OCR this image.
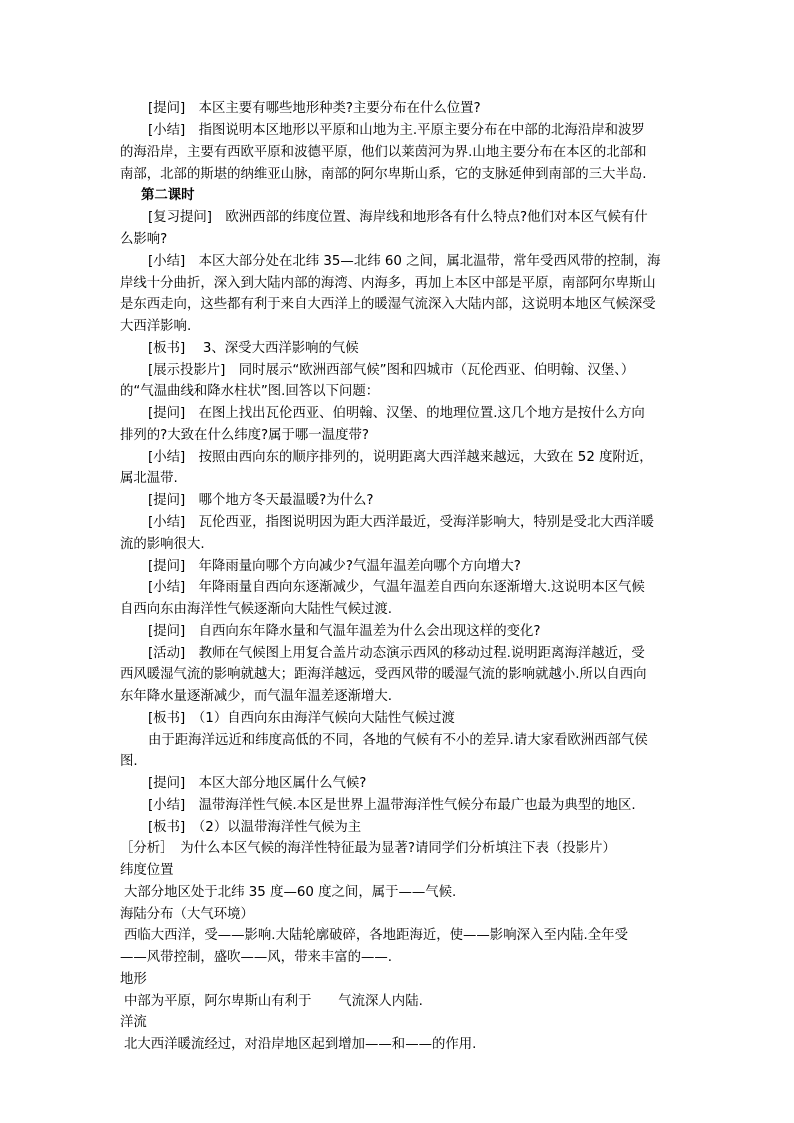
[提问]　本区主要有哪些地形种类?主要分布在什么位置?
[小结]　指图说明本区地形以平原和山地为主.平原主要分布在中部的北海沿岸和波罗
的海沿岸，主要有西欧平原和波德平原，他们以莱茵河为界.山地主要分布在本区的北部和
南部，北部的斯堪的纳维亚山脉，南部的阿尔卑斯山系，它的支脉延伸到南部的三大半岛.
第二课时
[复习提问]　欧洲西部的纬度位置、海岸线和地形各有什么特点?他们对本区气候有什
么影响?
[小结]　本区大部分处在北纬 35—北纬 60 之间，属北温带，常年受西风带的控制，海
岸线十分曲折，深入到大陆内部的海湾、内海多，再加上本区中部是平原，南部阿尔卑斯山
是东西走向，这些都有利于来自大西洋上的暖湿气流深入大陆内部，这说明本地区气候深受
大西洋影响.
[板书]　 3、深受大西洋影响的气候
[展示投影片]　同时展示“欧洲西部气候”图和四城市（瓦伦西亚、伯明翰、汉堡、）
的“气温曲线和降水柱状”图.回答以下问题：
[提问]　在图上找出瓦伦西亚、伯明翰、汉堡、的地理位置.这几个地方是按什么方向
排列的?大致在什么纬度?属于哪一温度带?
[小结]　按照由西向东的顺序排列的，说明距离大西洋越来越远，大致在 52 度附近，
属北温带.
[提问]　哪个地方冬天最温暖?为什么?
[小结]　瓦伦西亚，指图说明因为距大西洋最近，受海洋影响大，特别是受北大西洋暖
流的影响很大.
[提问]　年降雨量向哪个方向减少?气温年温差向哪个方向增大?
[小结]　年降雨量自西向东逐渐减少，气温年温差自西向东逐渐增大.这说明本区气候
自西向东由海洋性气候逐渐向大陆性气候过渡.
[提问]　自西向东年降水量和气温年温差为什么会出现这样的变化?
[活动]　教师在气候图上用复合盖片动态演示西风的移动过程.说明距离海洋越近，受
西风暖湿气流的影响就越大；距海洋越远，受西风带的暖湿气流的影响就越小.所以自西向
东年降水量逐渐减少，而气温年温差逐渐增大.
[板书]　（1）自西向东由海洋气候向大陆性气候过渡
由于距海洋远近和纬度高低的不同，各地的气候有不小的差异.请大家看欧洲西部气侯
图.
[提问]　本区大部分地区属什么气候?
[小结]　温带海洋性气候.本区是世界上温带海洋性气候分布最广也最为典型的地区.
[板书]　（2）以温带海洋性气候为主
［分析］　为什么本区气候的海洋性特征最为显著?请同学们分析填注下表（投影片）
纬度位置
大部分地区处于北纬 35 度—60 度之间，属于——气候.
海陆分布（大气环境）
西临大西洋，受——影响.大陆轮廓破碎，各地距海近，使——影响深入至内陆.全年受
——风带控制，盛吹——风，带来丰富的——.
地形
中部为平原，阿尔卑斯山有利于　　气流深人内陆.
洋流
北大西洋暖流经过，对沿岸地区起到增加——和——的作用.
